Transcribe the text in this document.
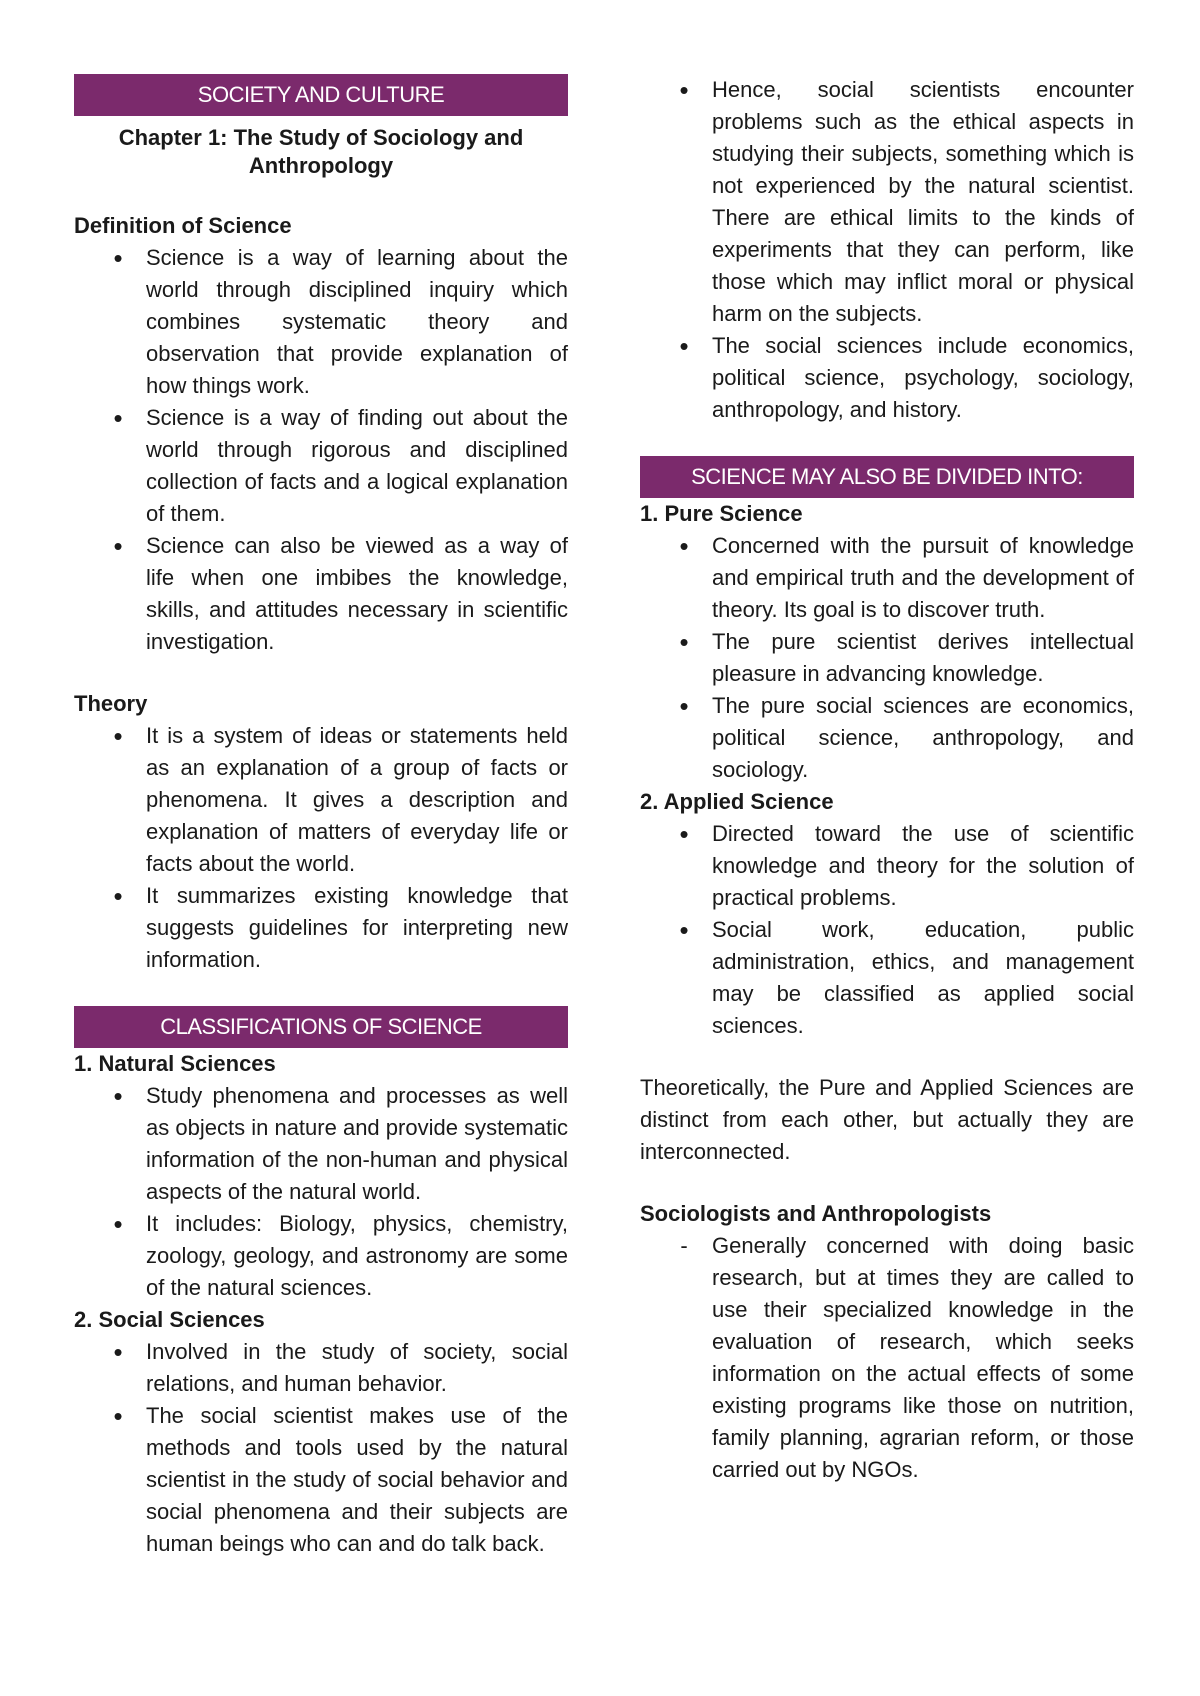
SOCIETY AND CULTURE
Chapter 1: The Study of Sociology and Anthropology
Definition of Science
•
Science is a way of learning about the world through disciplined inquiry which combines systematic theory and observation that provide explanation of how things work.
•
Science is a way of finding out about the world through rigorous and disciplined collection of facts and a logical explanation of them.
•
Science can also be viewed as a way of life when one imbibes the knowledge, skills, and attitudes necessary in scientific investigation.
Theory
•
It is a system of ideas or statements held as an explanation of a group of facts or phenomena. It gives a description and explanation of matters of everyday life or facts about the world.
•
It summarizes existing knowledge that suggests guidelines for interpreting new information.
CLASSIFICATIONS OF SCIENCE
1. Natural Sciences
•
Study phenomena and processes as well as objects in nature and provide systematic information of the non-human and physical aspects of the natural world.
•
It includes: Biology, physics, chemistry, zoology, geology, and astronomy are some of the natural sciences.
2. Social Sciences
•
Involved in the study of society, social relations, and human behavior.
•
The social scientist makes use of the methods and tools used by the natural scientist in the study of social behavior and social phenomena and their subjects are human beings who can and do talk back.
•
Hence, social scientists encounter problems such as the ethical aspects in studying their subjects, something which is not experienced by the natural scientist. There are ethical limits to the kinds of experiments that they can perform, like those which may inflict moral or physical harm on the subjects.
•
The social sciences include economics, political science, psychology, sociology, anthropology, and history.
SCIENCE MAY ALSO BE DIVIDED INTO:
1. Pure Science
•
Concerned with the pursuit of knowledge and empirical truth and the development of theory. Its goal is to discover truth.
•
The pure scientist derives intellectual pleasure in advancing knowledge.
•
The pure social sciences are economics, political science, anthropology, and sociology.
2. Applied Science
•
Directed toward the use of scientific knowledge and theory for the solution of practical problems.
•
Social work, education, public administration, ethics, and management may be classified as applied social sciences.

Theoretically, the Pure and Applied Sciences are distinct from each other, but actually they are interconnected.

Sociologists and Anthropologists
-
Generally concerned with doing basic research, but at times they are called to use their specialized knowledge in the evaluation of research, which seeks information on the actual effects of some existing programs like those on nutrition, family planning, agrarian reform, or those carried out by NGOs.
